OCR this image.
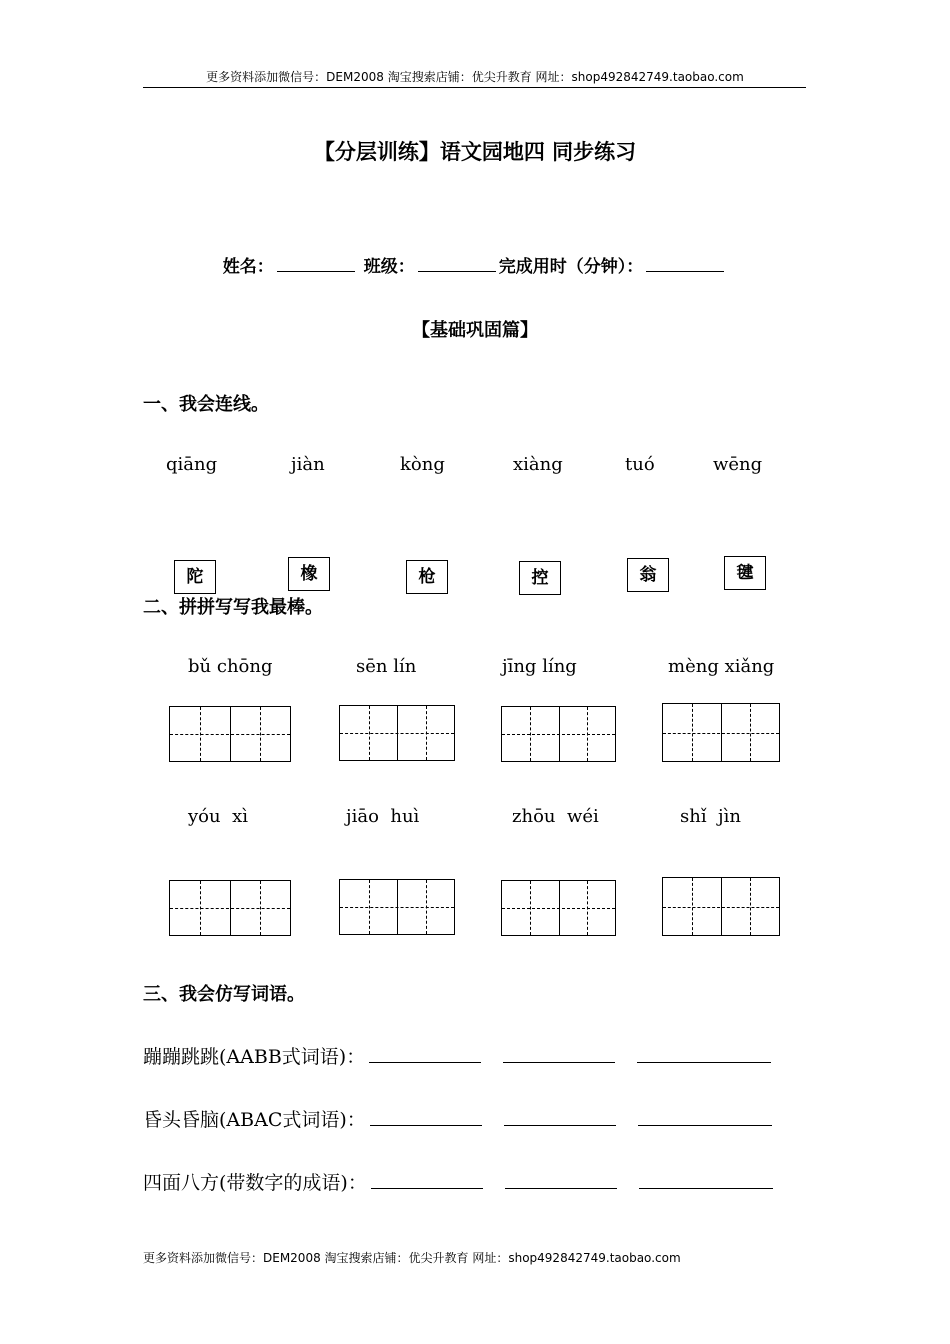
更多资料添加微信号：DEM2008 淘宝搜索店铺：优尖升教育 网址：shop492842749.taobao.com
【分层训练】语文园地四 同步练习
姓名：	班级：	完成用时（分钟）：
【基础巩固篇】
一、我会连线。
qiāng	jiàn	kòng	xiàng	tuó	wēng
陀	橡	枪	控	翁	毽
二、拼拼写写我最棒。
bǔ chōng	sēn lín	jīng líng	mèng xiǎng
yóu xì	jiāo huì	zhōu wéi	shǐ jìn
三、我会仿写词语。
蹦蹦跳跳(AABB式词语)：
昏头昏脑(ABAC式词语)：
四面八方(带数字的成语)：
更多资料添加微信号：DEM2008 淘宝搜索店铺：优尖升教育 网址：shop492842749.taobao.com
